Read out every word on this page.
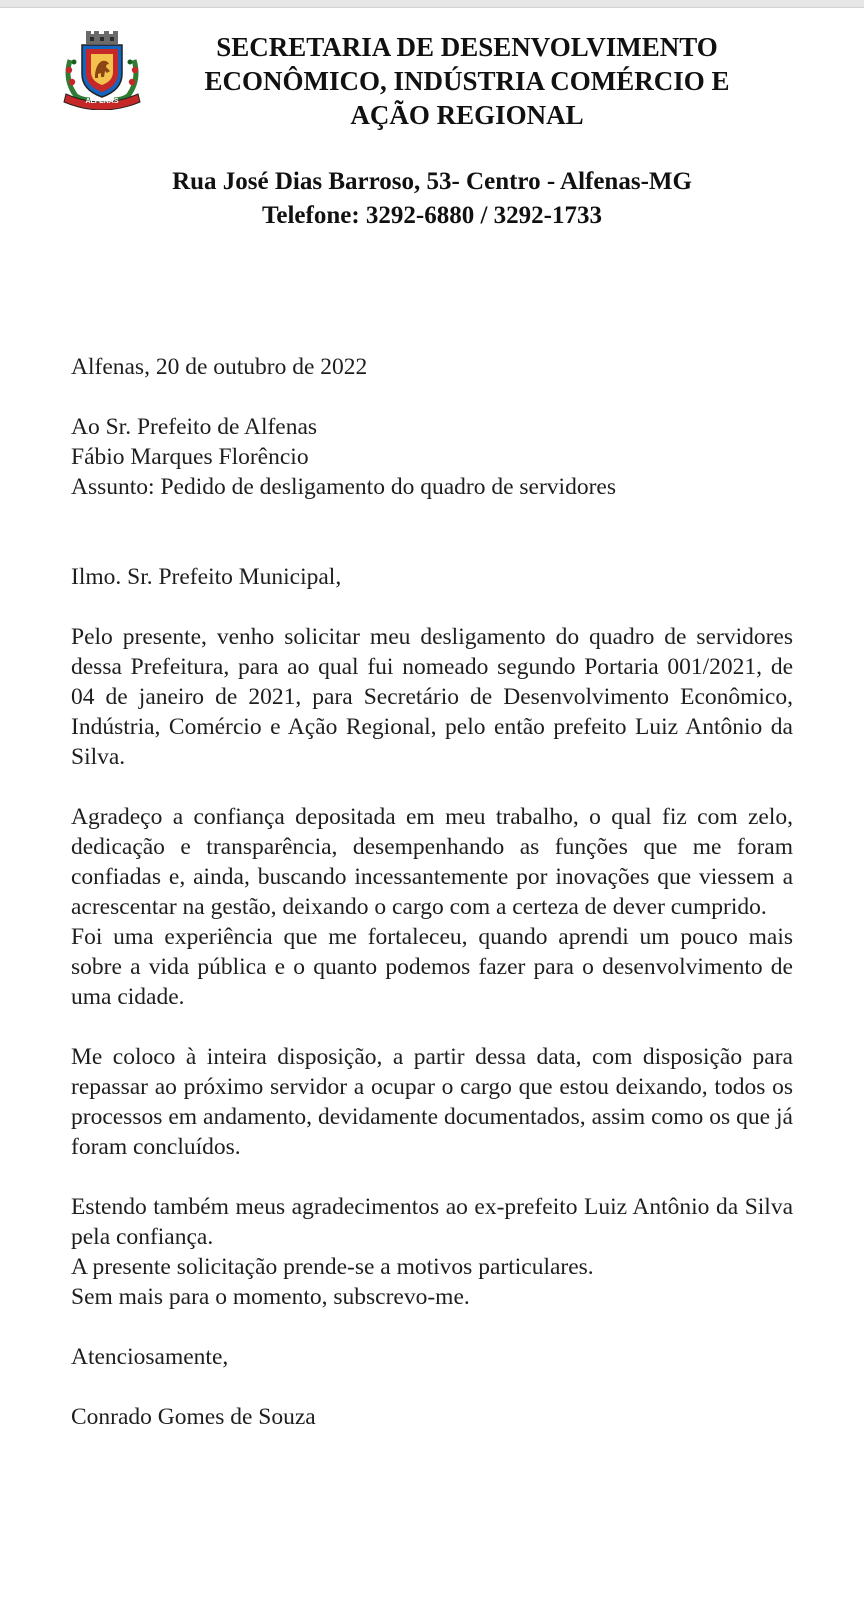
ALFENAS
SECRETARIA DE DESENVOLVIMENTO
ECONÔMICO, INDÚSTRIA COMÉRCIO E
AÇÃO REGIONAL
Rua José Dias Barroso, 53- Centro - Alfenas-MG
Telefone: 3292-6880 / 3292-1733

Alfenas, 20 de outubro de 2022

Ao Sr. Prefeito de Alfenas
Fábio Marques Florêncio
Assunto: Pedido de desligamento do quadro de servidores

Ilmo. Sr. Prefeito Municipal,

Pelo presente, venho solicitar meu desligamento do quadro de servidores dessa Prefeitura, para ao qual fui nomeado segundo Portaria 001/2021, de 04 de janeiro de 2021, para Secretário de Desenvolvimento Econômico, Indústria, Comércio e Ação Regional, pelo então prefeito Luiz Antônio da Silva.

Agradeço a confiança depositada em meu trabalho, o qual fiz com zelo, dedicação e transparência, desempenhando as funções que me foram confiadas e, ainda, buscando incessantemente por inovações que viessem a acrescentar na gestão, deixando o cargo com a certeza de dever cumprido.

Foi uma experiência que me fortaleceu, quando aprendi um pouco mais sobre a vida pública e o quanto podemos fazer para o desenvolvimento de uma cidade.

Me coloco à inteira disposição, a partir dessa data, com disposição para repassar ao próximo servidor a ocupar o cargo que estou deixando, todos os processos em andamento, devidamente documentados, assim como os que já foram concluídos.

Estendo também meus agradecimentos ao ex-prefeito Luiz Antônio da Silva pela confiança.

A presente solicitação prende-se a motivos particulares.

Sem mais para o momento, subscrevo-me.

Atenciosamente,

Conrado Gomes de Souza
